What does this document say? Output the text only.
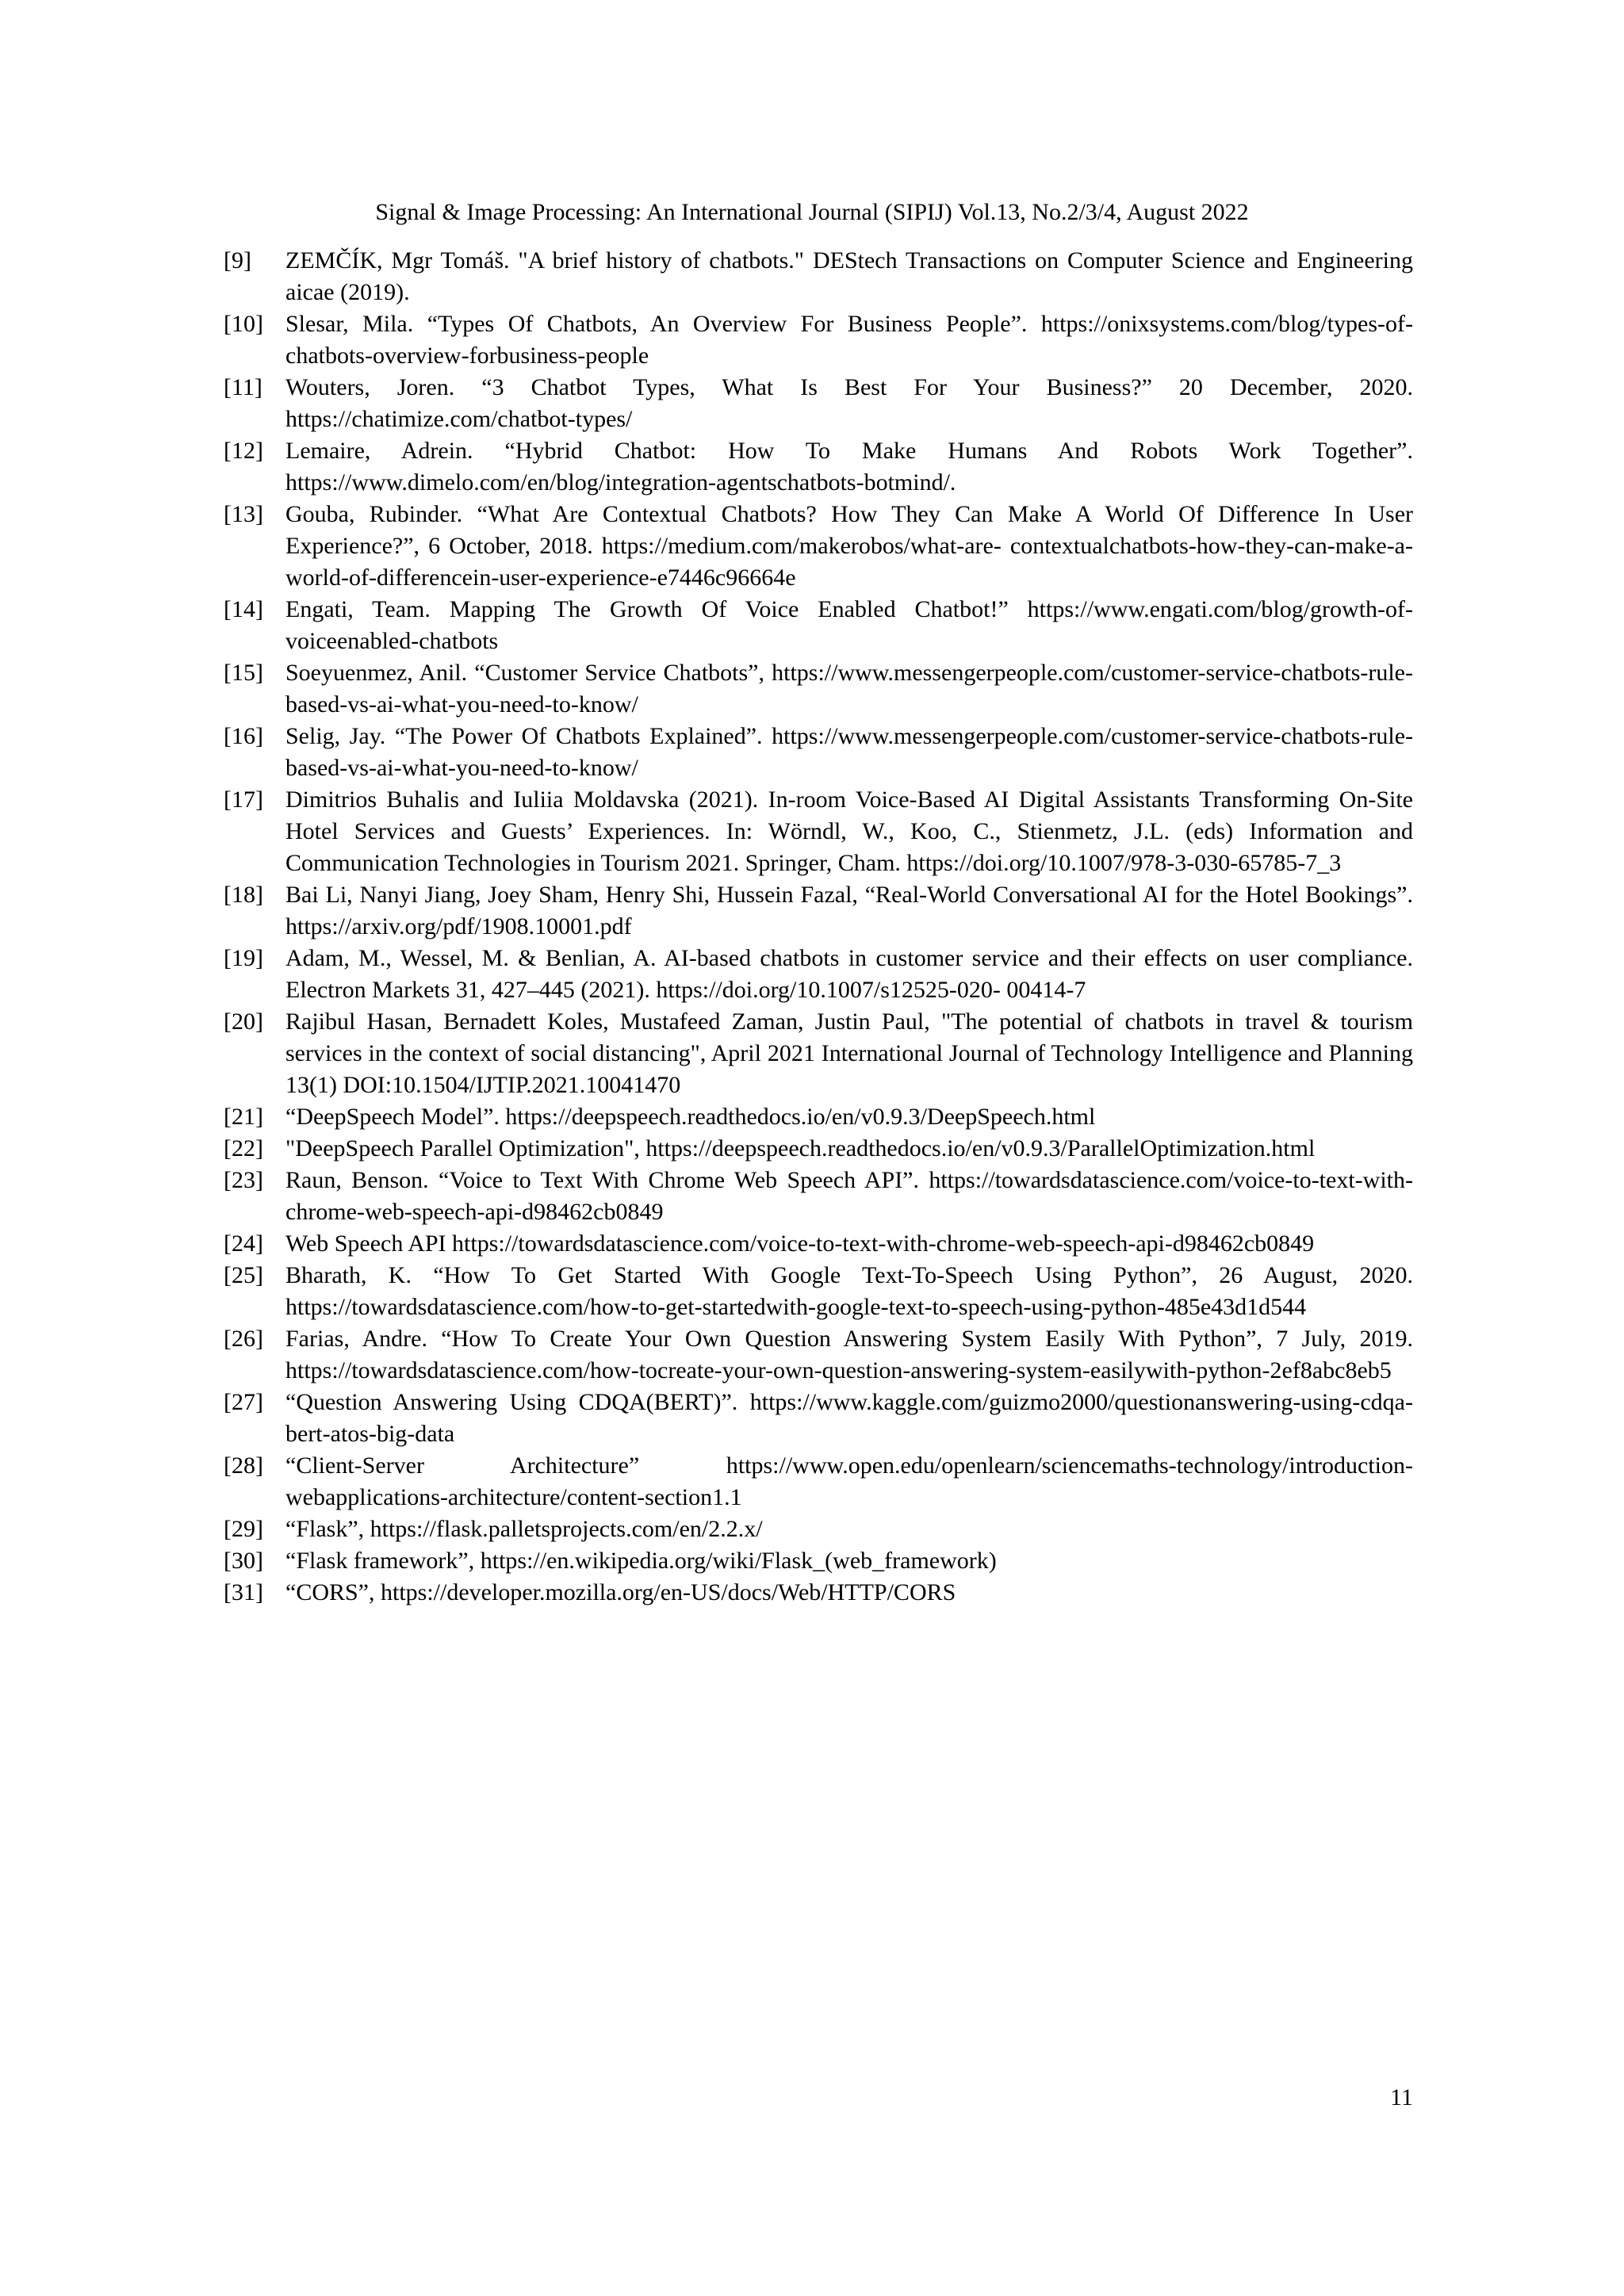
Signal & Image Processing: An International Journal (SIPIJ) Vol.13, No.2/3/4, August 2022
[9]	ZEMČÍK, Mgr Tomáš. "A brief history of chatbots." DEStech Transactions on Computer Science and Engineering aicae (2019).
[10] Slesar, Mila. “Types Of Chatbots, An Overview For Business People”. https://onixsystems.com/blog/types-of-chatbots-overview-forbusiness-people
[11] Wouters, Joren. “3 Chatbot Types, What Is Best For Your Business?” 20 December, 2020. https://chatimize.com/chatbot-types/
[12] Lemaire, Adrein. “Hybrid Chatbot: How To Make Humans And Robots Work Together”. https://www.dimelo.com/en/blog/integration-agentschatbots-botmind/.
[13] Gouba, Rubinder. “What Are Contextual Chatbots? How They Can Make A World Of Difference In User Experience?”, 6 October, 2018. https://medium.com/makerobos/what-are- contextualchatbots-how-they-can-make-a-world-of-differencein-user-experience-e7446c96664e
[14] Engati, Team. Mapping The Growth Of Voice Enabled Chatbot!” https://www.engati.com/blog/growth-of-voiceenabled-chatbots
[15] Soeyuenmez, Anil. “Customer Service Chatbots”, https://www.messengerpeople.com/customer-service-chatbots-rule-based-vs-ai-what-you-need-to-know/
[16] Selig, Jay. “The Power Of Chatbots Explained”. https://www.messengerpeople.com/customer-service-chatbots-rule-based-vs-ai-what-you-need-to-know/
[17] Dimitrios Buhalis and Iuliia Moldavska (2021). In-room Voice-Based AI Digital Assistants Transforming On-Site Hotel Services and Guests’ Experiences. In: Wörndl, W., Koo, C., Stienmetz, J.L. (eds) Information and Communication Technologies in Tourism 2021. Springer, Cham. https://doi.org/10.1007/978-3-030-65785-7_3
[18] Bai Li, Nanyi Jiang, Joey Sham, Henry Shi, Hussein Fazal, “Real-World Conversational AI for the Hotel Bookings”. https://arxiv.org/pdf/1908.10001.pdf
[19] Adam, M., Wessel, M. & Benlian, A. AI-based chatbots in customer service and their effects on user compliance. Electron Markets 31, 427–445 (2021). https://doi.org/10.1007/s12525-020- 00414-7
[20] Rajibul Hasan, Bernadett Koles, Mustafeed Zaman, Justin Paul, "The potential of chatbots in travel & tourism services in the context of social distancing", April 2021 International Journal of Technology Intelligence and Planning 13(1) DOI:10.1504/IJTIP.2021.10041470
[21] “DeepSpeech Model”. https://deepspeech.readthedocs.io/en/v0.9.3/DeepSpeech.html
[22] "DeepSpeech Parallel Optimization", https://deepspeech.readthedocs.io/en/v0.9.3/ParallelOptimization.html
[23] Raun, Benson. “Voice to Text With Chrome Web Speech API”. https://towardsdatascience.com/voice-to-text-with-chrome-web-speech-api-d98462cb0849
[24] Web Speech API https://towardsdatascience.com/voice-to-text-with-chrome-web-speech-api-d98462cb0849
[25] Bharath, K. “How To Get Started With Google Text-To-Speech Using Python”, 26 August, 2020. https://towardsdatascience.com/how-to-get-startedwith-google-text-to-speech-using-python-485e43d1d544
[26] Farias, Andre. “How To Create Your Own Question Answering System Easily With Python”, 7 July, 2019. https://towardsdatascience.com/how-tocreate-your-own-question-answering-system-easilywith-python-2ef8abc8eb5
[27] “Question Answering Using CDQA(BERT)”. https://www.kaggle.com/guizmo2000/questionanswering-using-cdqa-bert-atos-big-data
[28] “Client-Server Architecture” https://www.open.edu/openlearn/sciencemaths-technology/introduction-webapplications-architecture/content-section1.1
[29] “Flask”, https://flask.palletsprojects.com/en/2.2.x/
[30] “Flask framework”, https://en.wikipedia.org/wiki/Flask_(web_framework)
[31] “CORS”, https://developer.mozilla.org/en-US/docs/Web/HTTP/CORS
11
